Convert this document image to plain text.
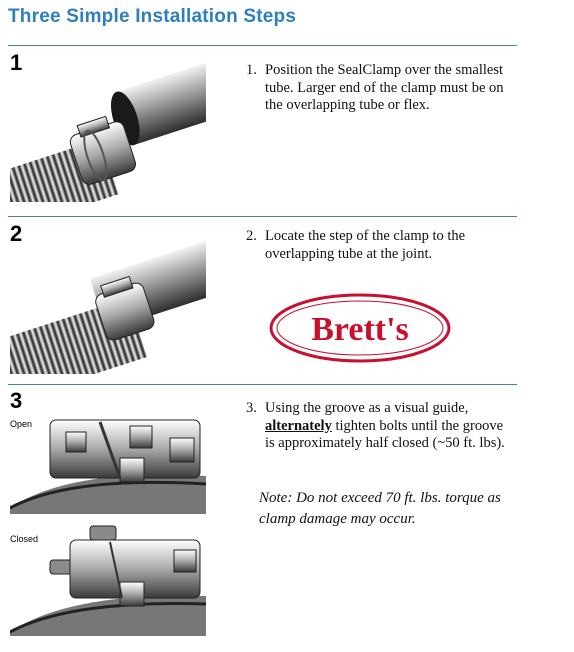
Three Simple Installation Steps
1	1. Position the SealClamp over the smallest tube. Larger end of the clamp must be on the overlapping tube or flex.
2	2. Locate the step of the clamp to the overlapping tube at the joint.
Brett's
3
Open
Closed
3. Using the groove as a visual guide, alternately tighten bolts until the groove is approximately half closed (~50 ft. lbs).
Note: Do not exceed 70 ft. lbs. torque as clamp damage may occur.
